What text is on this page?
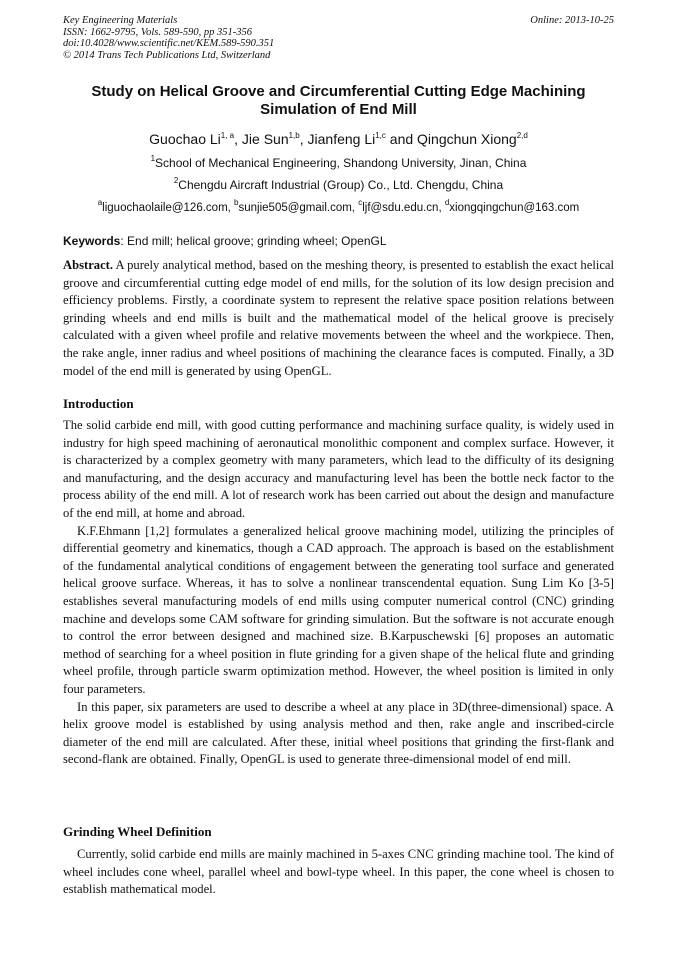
Key Engineering Materials
ISSN: 1662-9795, Vols. 589-590, pp 351-356
doi:10.4028/www.scientific.net/KEM.589-590.351
© 2014 Trans Tech Publications Ltd, Switzerland
Online: 2013-10-25
Study on Helical Groove and Circumferential Cutting Edge Machining Simulation of End Mill
Guochao Li$^{1, a}$, Jie Sun$^{1,b}$, Jianfeng Li$^{1,c}$ and Qingchun Xiong$^{2,d}$
$^1$School of Mechanical Engineering, Shandong University, Jinan, China
$^2$Chengdu Aircraft Industrial (Group) Co., Ltd. Chengdu, China
$^a$liguochaolaile@126.com, $^b$sunjie505@gmail.com, $^c$ljf@sdu.edu.cn, $^d$xiongqingchun@163.com
Keywords: End mill; helical groove; grinding wheel; OpenGL
Abstract. A purely analytical method, based on the meshing theory, is presented to establish the exact helical groove and circumferential cutting edge model of end mills, for the solution of its low design precision and efficiency problems. Firstly, a coordinate system to represent the relative space position relations between grinding wheels and end mills is built and the mathematical model of the helical groove is precisely calculated with a given wheel profile and relative movements between the wheel and the workpiece. Then, the rake angle, inner radius and wheel positions of machining the clearance faces is computed. Finally, a 3D model of the end mill is generated by using OpenGL.
Introduction
The solid carbide end mill, with good cutting performance and machining surface quality, is widely used in industry for high speed machining of aeronautical monolithic component and complex surface. However, it is characterized by a complex geometry with many parameters, which lead to the difficulty of its designing and manufacturing, and the design accuracy and manufacturing level has been the bottle neck factor to the process ability of the end mill. A lot of research work has been carried out about the design and manufacture of the end mill, at home and abroad.
K.F.Ehmann [1,2] formulates a generalized helical groove machining model, utilizing the principles of differential geometry and kinematics, though a CAD approach. The approach is based on the establishment of the fundamental analytical conditions of engagement between the generating tool surface and generated helical groove surface. Whereas, it has to solve a nonlinear transcendental equation. Sung Lim Ko [3-5] establishes several manufacturing models of end mills using computer numerical control (CNC) grinding machine and develops some CAM software for grinding simulation. But the software is not accurate enough to control the error between designed and machined size. B.Karpuschewski [6] proposes an automatic method of searching for a wheel position in flute grinding for a given shape of the helical flute and grinding wheel profile, through particle swarm optimization method. However, the wheel position is limited in only four parameters.
In this paper, six parameters are used to describe a wheel at any place in 3D(three-dimensional) space. A helix groove model is established by using analysis method and then, rake angle and inscribed-circle diameter of the end mill are calculated. After these, initial wheel positions that grinding the first-flank and second-flank are obtained. Finally, OpenGL is used to generate three-dimensional model of end mill.
Grinding Wheel Definition
Currently, solid carbide end mills are mainly machined in 5-axes CNC grinding machine tool. The kind of wheel includes cone wheel, parallel wheel and bowl-type wheel. In this paper, the cone wheel is chosen to establish mathematical model.
